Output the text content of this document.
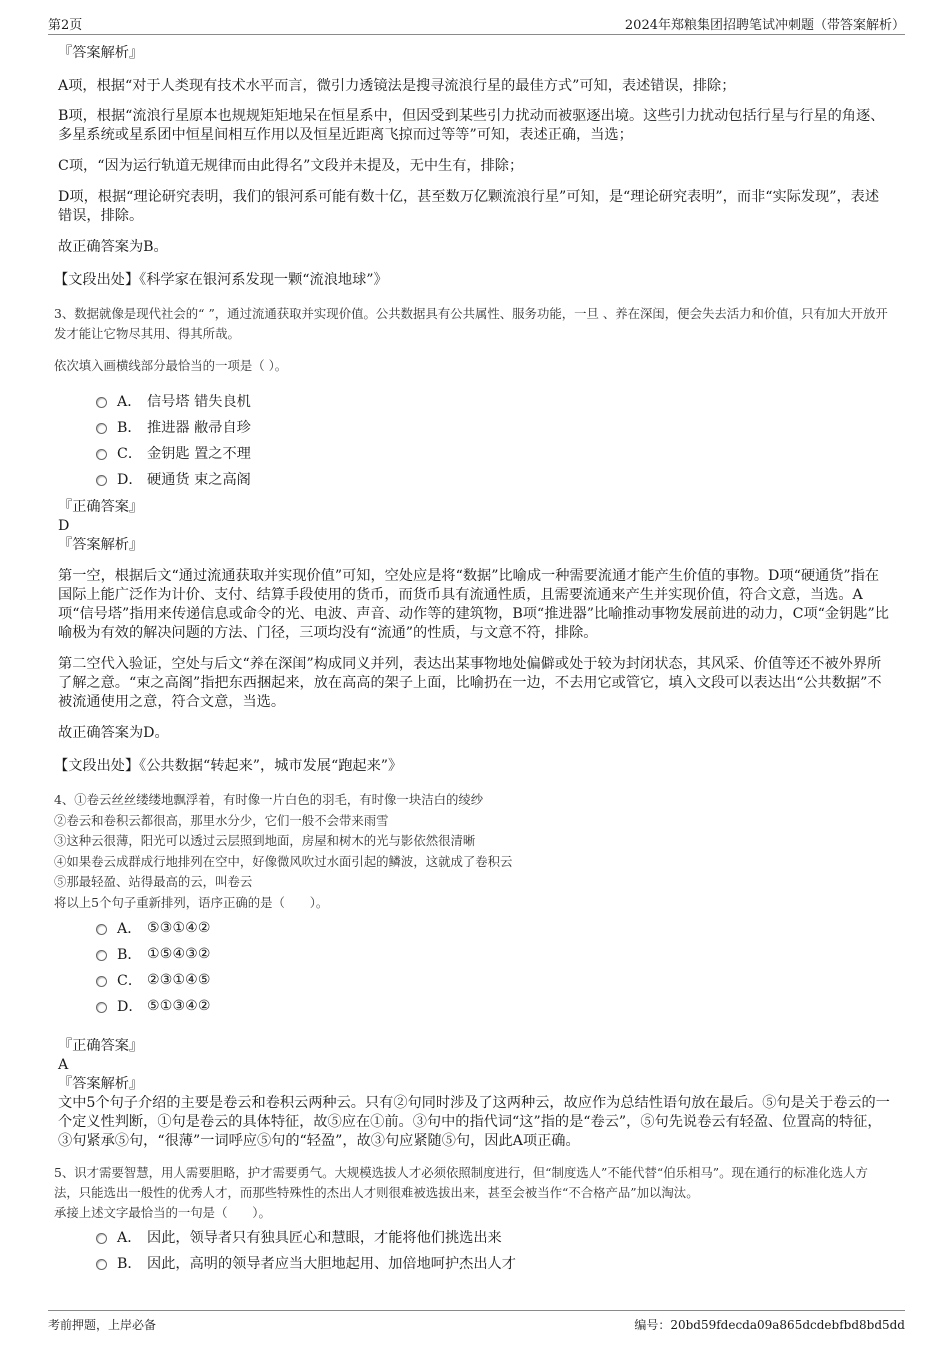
第2页	2024年郑粮集团招聘笔试冲刺题（带答案解析）
『答案解析』

A项，根据“对于人类现有技术水平而言，微引力透镜法是搜寻流浪行星的最佳方式”可知，表述错误，排除；

B项，根据“流浪行星原本也规规矩矩地呆在恒星系中，但因受到某些引力扰动而被驱逐出境。这些引力扰动包括行星与行星的角逐、多星系统或星系团中恒星间相互作用以及恒星近距离飞掠而过等等”可知，表述正确，当选；

C项，“因为运行轨道无规律而由此得名”文段并未提及，无中生有，排除；

D项，根据“理论研究表明，我们的银河系可能有数十亿，甚至数万亿颗流浪行星”可知，是“理论研究表明”，而非“实际发现”，表述错误，排除。

故正确答案为B。

【文段出处】《科学家在银河系发现一颗“流浪地球”》

3、数据就像是现代社会的“ ”，通过流通获取并实现价值。公共数据具有公共属性、服务功能，一旦 、养在深闺，便会失去活力和价值，只有加大开放开发才能让它物尽其用、得其所哉。

依次填入画横线部分最恰当的一项是（ ）。

A． 信号塔 错失良机
B． 推进器 敝帚自珍
C． 金钥匙 置之不理
D． 硬通货 束之高阁
『正确答案』
D
『答案解析』

第一空，根据后文“通过流通获取并实现价值”可知，空处应是将“数据”比喻成一种需要流通才能产生价值的事物。D项“硬通货”指在国际上能广泛作为计价、支付、结算手段使用的货币，而货币具有流通性质，且需要流通来产生并实现价值，符合文意，当选。A项“信号塔”指用来传递信息或命令的光、电波、声音、动作等的建筑物，B项“推进器”比喻推动事物发展前进的动力，C项“金钥匙”比喻极为有效的解决问题的方法、门径，三项均没有“流通”的性质，与文意不符，排除。

第二空代入验证，空处与后文“养在深闺”构成同义并列，表达出某事物地处偏僻或处于较为封闭状态，其风采、价值等还不被外界所了解之意。“束之高阁”指把东西捆起来，放在高高的架子上面，比喻扔在一边，不去用它或管它，填入文段可以表达出“公共数据”不被流通使用之意，符合文意，当选。

故正确答案为D。

【文段出处】《公共数据“转起来”，城市发展“跑起来”》

4、①卷云丝丝缕缕地飘浮着，有时像一片白色的羽毛，有时像一块洁白的绫纱

②卷云和卷积云都很高，那里水分少，它们一般不会带来雨雪

③这种云很薄，阳光可以透过云层照到地面，房屋和树木的光与影依然很清晰

④如果卷云成群成行地排列在空中，好像微风吹过水面引起的鳞波，这就成了卷积云

⑤那最轻盈、站得最高的云，叫卷云

将以上5个句子重新排列，语序正确的是（　　）。

A． ⑤③①④②
B． ①⑤④③②
C． ②③①④⑤
D． ⑤①③④②
『正确答案』
A
『答案解析』

文中5个句子介绍的主要是卷云和卷积云两种云。只有②句同时涉及了这两种云，故应作为总结性语句放在最后。⑤句是关于卷云的一个定义性判断，①句是卷云的具体特征，故⑤应在①前。③句中的指代词“这”指的是“卷云”，⑤句先说卷云有轻盈、位置高的特征，③句紧承⑤句，“很薄”一词呼应⑤句的“轻盈”，故③句应紧随⑤句，因此A项正确。

5、识才需要智慧，用人需要胆略，护才需要勇气。大规模选拔人才必须依照制度进行，但“制度选人”不能代替“伯乐相马”。现在通行的标准化选人方法，只能选出一般性的优秀人才，而那些特殊性的杰出人才则很难被选拔出来，甚至会被当作“不合格产品”加以淘汰。

承接上述文字最恰当的一句是（　　）。

A． 因此，领导者只有独具匠心和慧眼，才能将他们挑选出来
B． 因此，高明的领导者应当大胆地起用、加倍地呵护杰出人才
考前押题，上岸必备	编号：20bd59fdecda09a865dcdebfbd8bd5dd
